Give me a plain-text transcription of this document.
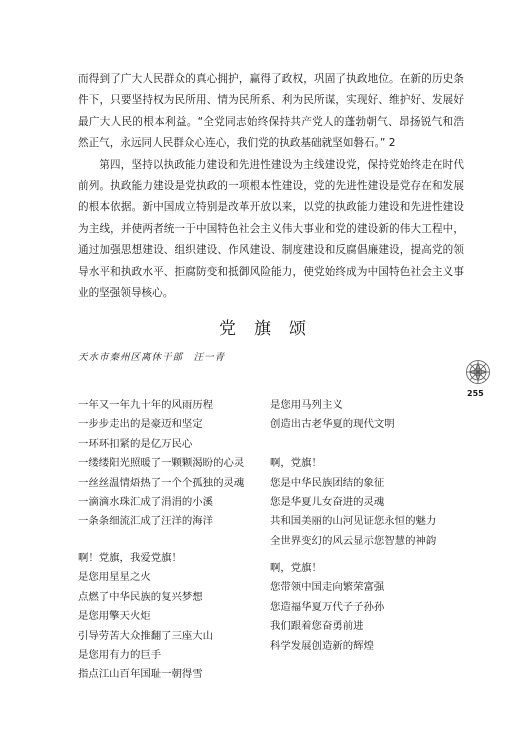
而得到了广大人民群众的真心拥护，赢得了政权，巩固了执政地位。在新的历史条件下，只要坚持权为民所用、情为民所系、利为民所谋，实现好、维护好、发展好最广大人民的根本利益。“全党同志始终保持共产党人的蓬勃朝气、昂扬锐气和浩然正气，永远同人民群众心连心，我们党的执政基础就坚如磐石。” 2

第四，坚持以执政能力建设和先进性建设为主线建设党，保持党始终走在时代前列。执政能力建设是党执政的一项根本性建设，党的先进性建设是党存在和发展的根本依据。新中国成立特别是改革开放以来，以党的执政能力建设和先进性建设为主线，并使两者统一于中国特色社会主义伟大事业和党的建设新的伟大工程中，通过加强思想建设、组织建设、作风建设、制度建设和反腐倡廉建设，提高党的领导水平和执政水平、拒腐防变和抵御风险能力，使党始终成为中国特色社会主义事业的坚强领导核心。

党旗颂
天水市秦州区离休干部　汪一青
255
一年又一年九十年的风雨历程
一步步走出的是豪迈和坚定
一环环扣紧的是亿万民心
一缕缕阳光照暖了一颗颗渴盼的心灵
一丝丝温情焐热了一个个孤独的灵魂
一滴滴水珠汇成了涓涓的小溪
一条条细流汇成了汪洋的海洋
是您用马列主义
创造出古老华夏的现代文明
啊，党旗！
您是中华民族团结的象征
您是华夏儿女奋进的灵魂
共和国美丽的山河见证您永恒的魅力
全世界变幻的风云显示您智慧的神韵
啊！党旗，我爱党旗！
是您用星星之火
点燃了中华民族的复兴梦想
是您用擎天火炬
引导劳苦大众推翻了三座大山
是您用有力的巨手
指点江山百年国耻一朝得雪
啊，党旗！
您带领中国走向繁荣富强
您造福华夏万代子子孙孙
我们跟着您奋勇前进
科学发展创造新的辉煌
